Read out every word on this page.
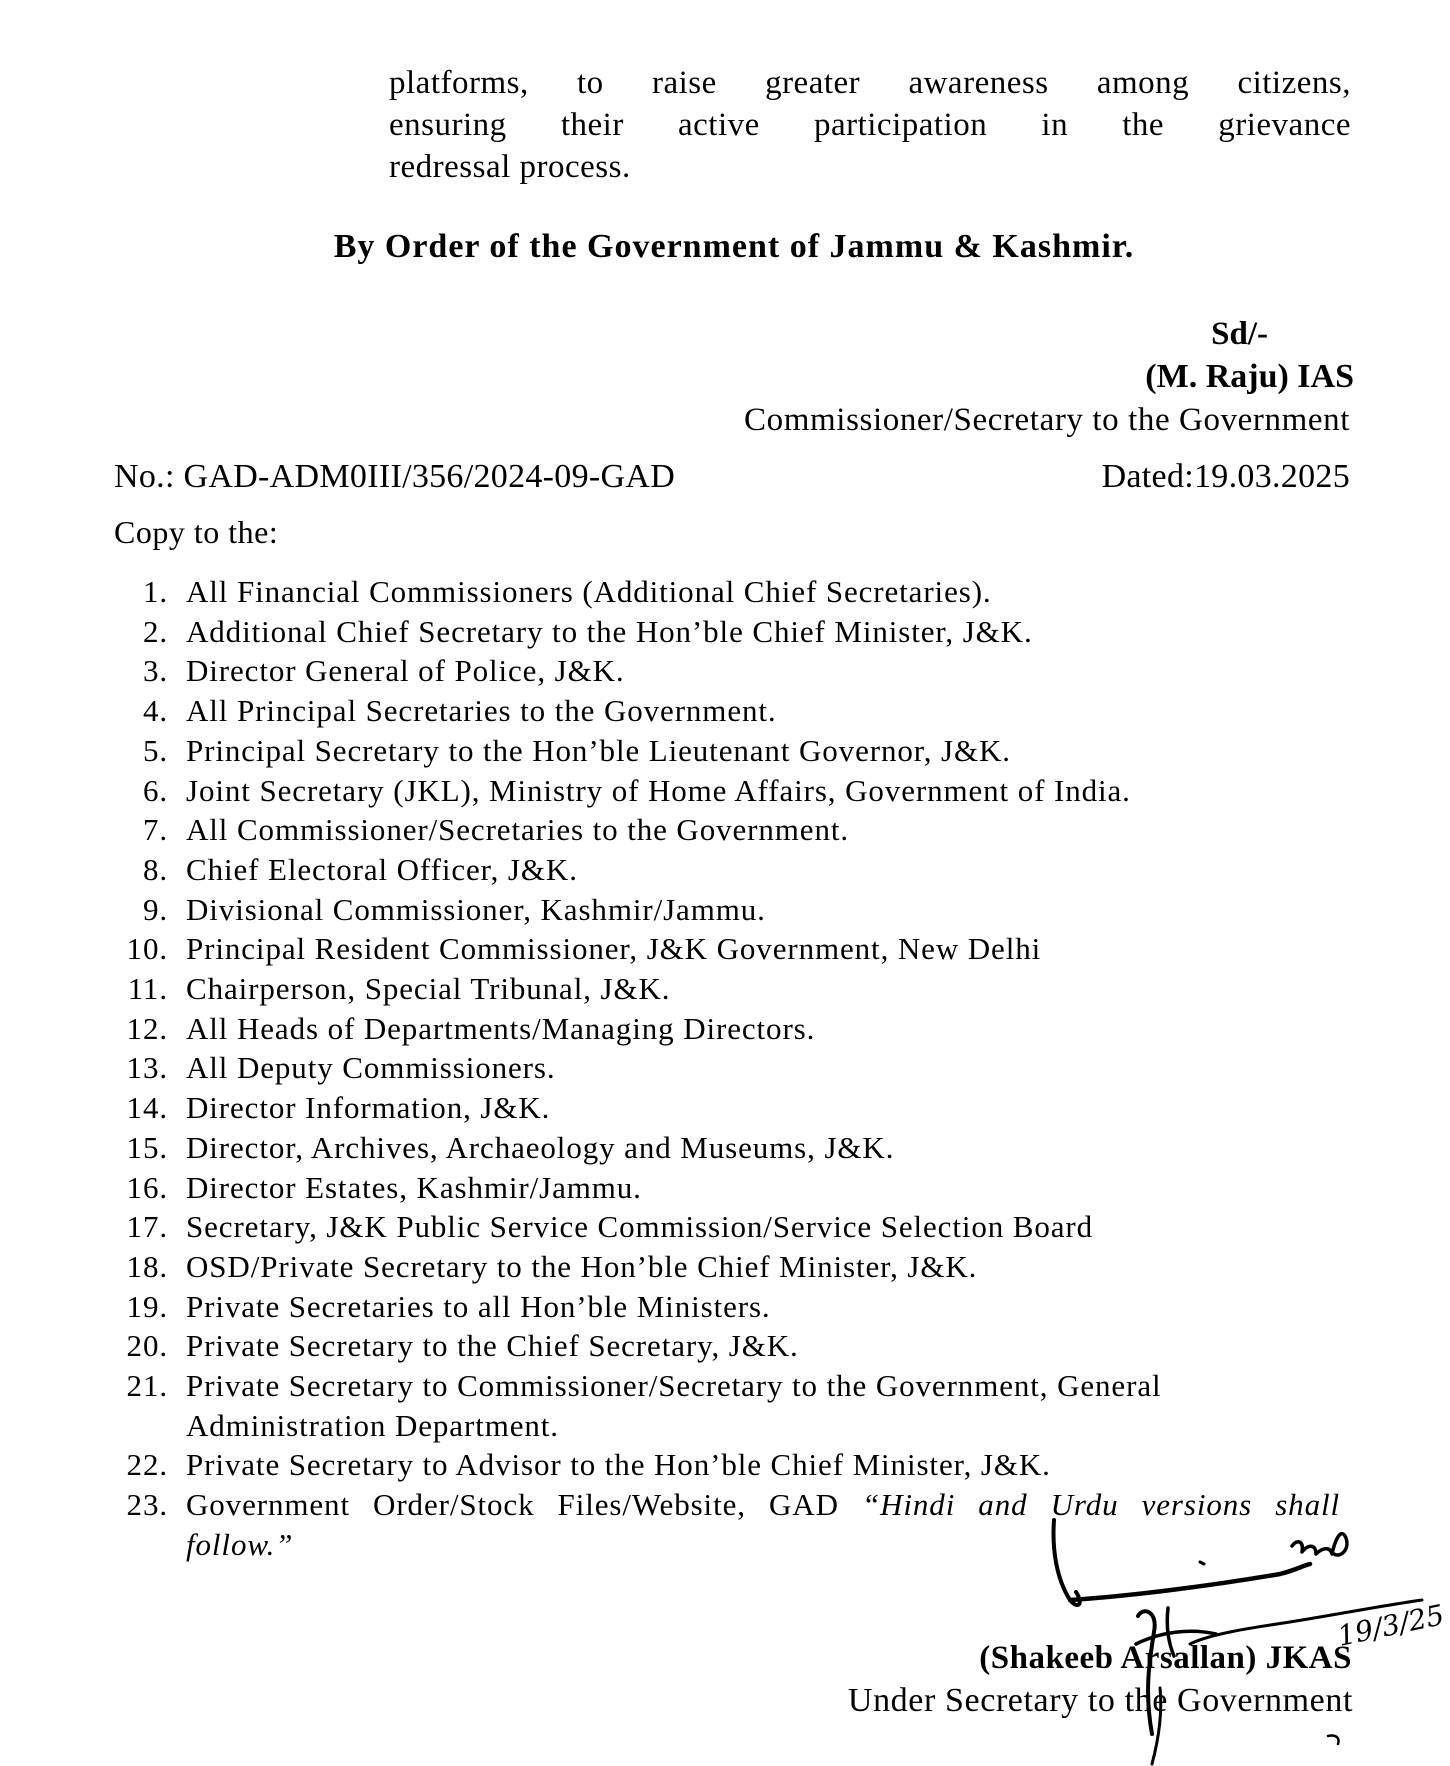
platforms, to raise greater awareness among citizens,
ensuring their active participation in the grievance
redressal process.
By Order of the Government of Jammu & Kashmir.
Sd/-
(M. Raju) IAS
Commissioner/Secretary to the Government
No.: GAD-ADM0III/356/2024-09-GAD	Dated:19.03.2025
Copy to the:
1. All Financial Commissioners (Additional Chief Secretaries).
2. Additional Chief Secretary to the Hon’ble Chief Minister, J&K.
3. Director General of Police, J&K.
4. All Principal Secretaries to the Government.
5. Principal Secretary to the Hon’ble Lieutenant Governor, J&K.
6. Joint Secretary (JKL), Ministry of Home Affairs, Government of India.
7. All Commissioner/Secretaries to the Government.
8. Chief Electoral Officer, J&K.
9. Divisional Commissioner, Kashmir/Jammu.
10. Principal Resident Commissioner, J&K Government, New Delhi
11. Chairperson, Special Tribunal, J&K.
12. All Heads of Departments/Managing Directors.
13. All Deputy Commissioners.
14. Director Information, J&K.
15. Director, Archives, Archaeology and Museums, J&K.
16. Director Estates, Kashmir/Jammu.
17. Secretary, J&K Public Service Commission/Service Selection Board
18. OSD/Private Secretary to the Hon’ble Chief Minister, J&K.
19. Private Secretaries to all Hon’ble Ministers.
20. Private Secretary to the Chief Secretary, J&K.
21. Private Secretary to Commissioner/Secretary to the Government, General Administration Department.
22. Private Secretary to Advisor to the Hon’ble Chief Minister, J&K.
23. Government Order/Stock Files/Website, GAD “Hindi and Urdu versions shall follow.”
19/3/25
(Shakeeb Arsallan) JKAS
Under Secretary to the Government
